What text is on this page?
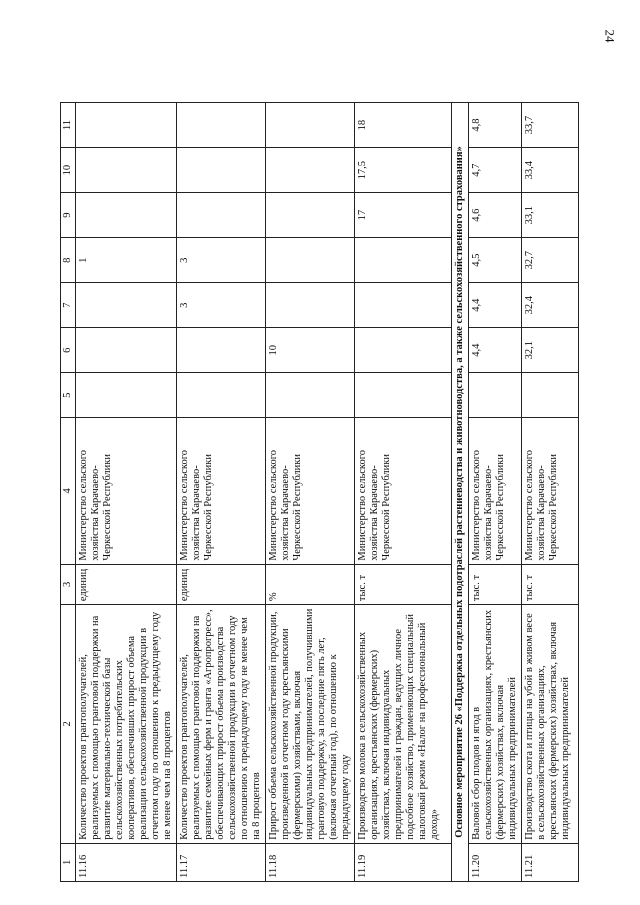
24
1	2	3	4	5	6	7	8	9	10	11
11.16	Количество проектов грантополучателей, реализуемых с помощью грантовой поддержки на развитие материально-технической базы сельскохозяйственных потребительских кооперативов, обеспечивших прирост объема реализации сельскохозяйственной продукции в отчетном году по отношению к предыдущему году не менее чем на 8 процентов	единиц	Министерство сельского хозяйства Карачаево-Черкесской Республики				1			
11.17	Количество проектов грантополучателей, реализуемых с помощью грантовой поддержки на развитие семейных ферм и гранта «Агропрогресс», обеспечивающих прирост объема производства сельскохозяйственной продукции в отчетном году по отношению к предыдущему году не менее чем на 8 процентов	единиц	Министерство сельского хозяйства Карачаево-Черкесской Республики			3	3			
11.18	Прирост объема сельскохозяйственной продукции, произведенной в отчетном году крестьянскими (фермерскими) хозяйствами, включая индивидуальных предпринимателей, получившими грантовую поддержку, за последние пять лет, (включая отчетный год), по отношению к предыдущему году	%	Министерство сельского хозяйства Карачаево-Черкесской Республики		10					
11.19	Производство молока в сельскохозяйственных организациях, крестьянских (фермерских) хозяйствах, включая индивидуальных предпринимателей и граждан, ведущих личное подсобное хозяйство, применяющих специальный налоговый режим «Налог на профессиональный доход»	тыс. т	Министерство сельского хозяйства Карачаево-Черкесской Республики					17	17,5	18
Основное мероприятие 26 «Поддержка отдельных подотраслей растениеводства и животноводства, а также сельскохозяйственного страхования»										
11.20	Валовой сбор плодов и ягод в сельскохозяйственных организациях, крестьянских (фермерских) хозяйствах, включая индивидуальных предпринимателей	тыс. т	Министерство сельского хозяйства Карачаево-Черкесской Республики		4,4	4,4	4,5	4,6	4,7	4,8
11.21	Производство скота и птицы на убой в живом весе в сельскохозяйственных организациях, крестьянских (фермерских) хозяйствах, включая индивидуальных предпринимателей	тыс. т	Министерство сельского хозяйства Карачаево-Черкесской Республики		32,1	32,4	32,7	33,1	33,4	33,7
